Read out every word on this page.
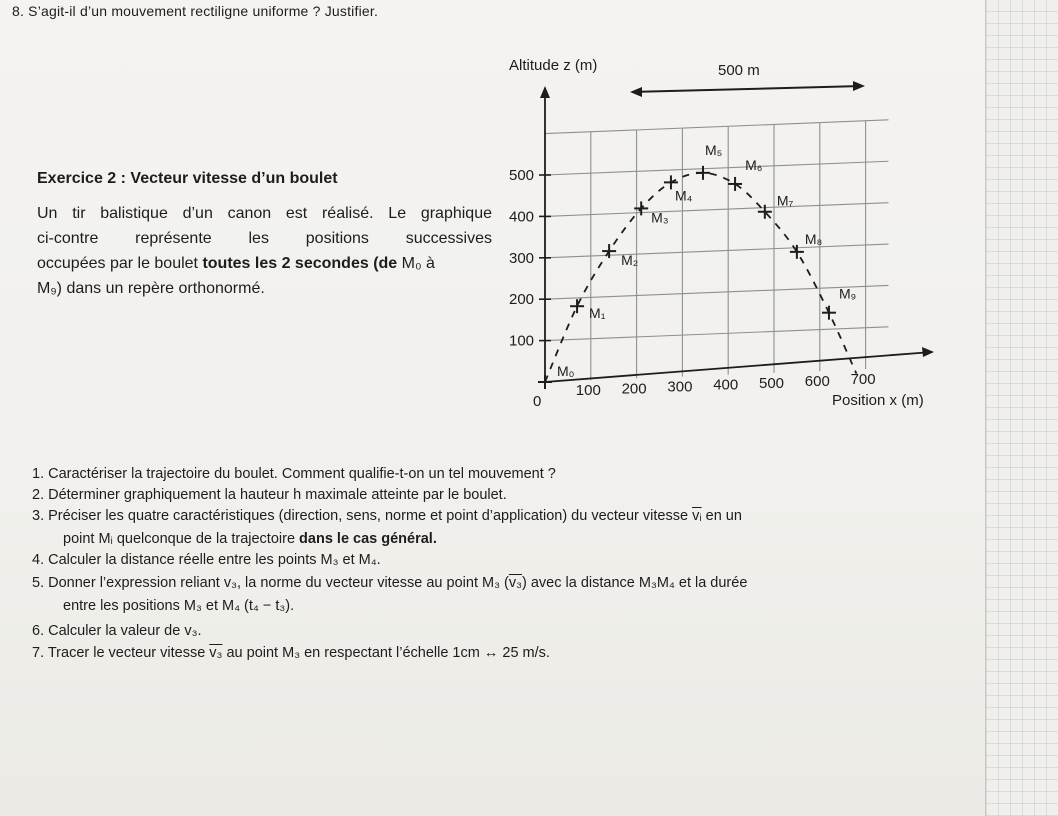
8. S’agit-il d’un mouvement rectiligne uniforme ? Justifier.
Exercice 2 : Vecteur vitesse d’un boulet
Un tir balistique d’un canon est réalisé. Le graphique
ci-contre représente les positions successives
occupées par le boulet toutes les 2 secondes (de M₀ à
M₉) dans un repère orthonormé.
Altitude z (m)	500 m
Position x (m)
0
100 200 300 400 500 600 700
100
200
300
400
500
M₀
M₁
M₂
M₃
M₄
M₅
M₆
M₇
M₈
M₉
1. Caractériser la trajectoire du boulet. Comment qualifie-t-on un tel mouvement ?
2. Déterminer graphiquement la hauteur h maximale atteinte par le boulet.
3. Préciser les quatre caractéristiques (direction, sens, norme et point d’application) du vecteur vitesse $\overline{vᵢ}$ en un
point Mᵢ quelconque de la trajectoire dans le cas général.
4. Calculer la distance réelle entre les points M₃ et M₄.
5. Donner l’expression reliant v₃, la norme du vecteur vitesse au point M₃ (v₃) avec la distance M₃M₄ et la durée
entre les positions M₃ et M₄ (t₄ − t₃).
6. Calculer la valeur de v₃.
7. Tracer le vecteur vitesse v₃ au point M₃ en respectant l’échelle 1cm ↔ 25 m/s.
